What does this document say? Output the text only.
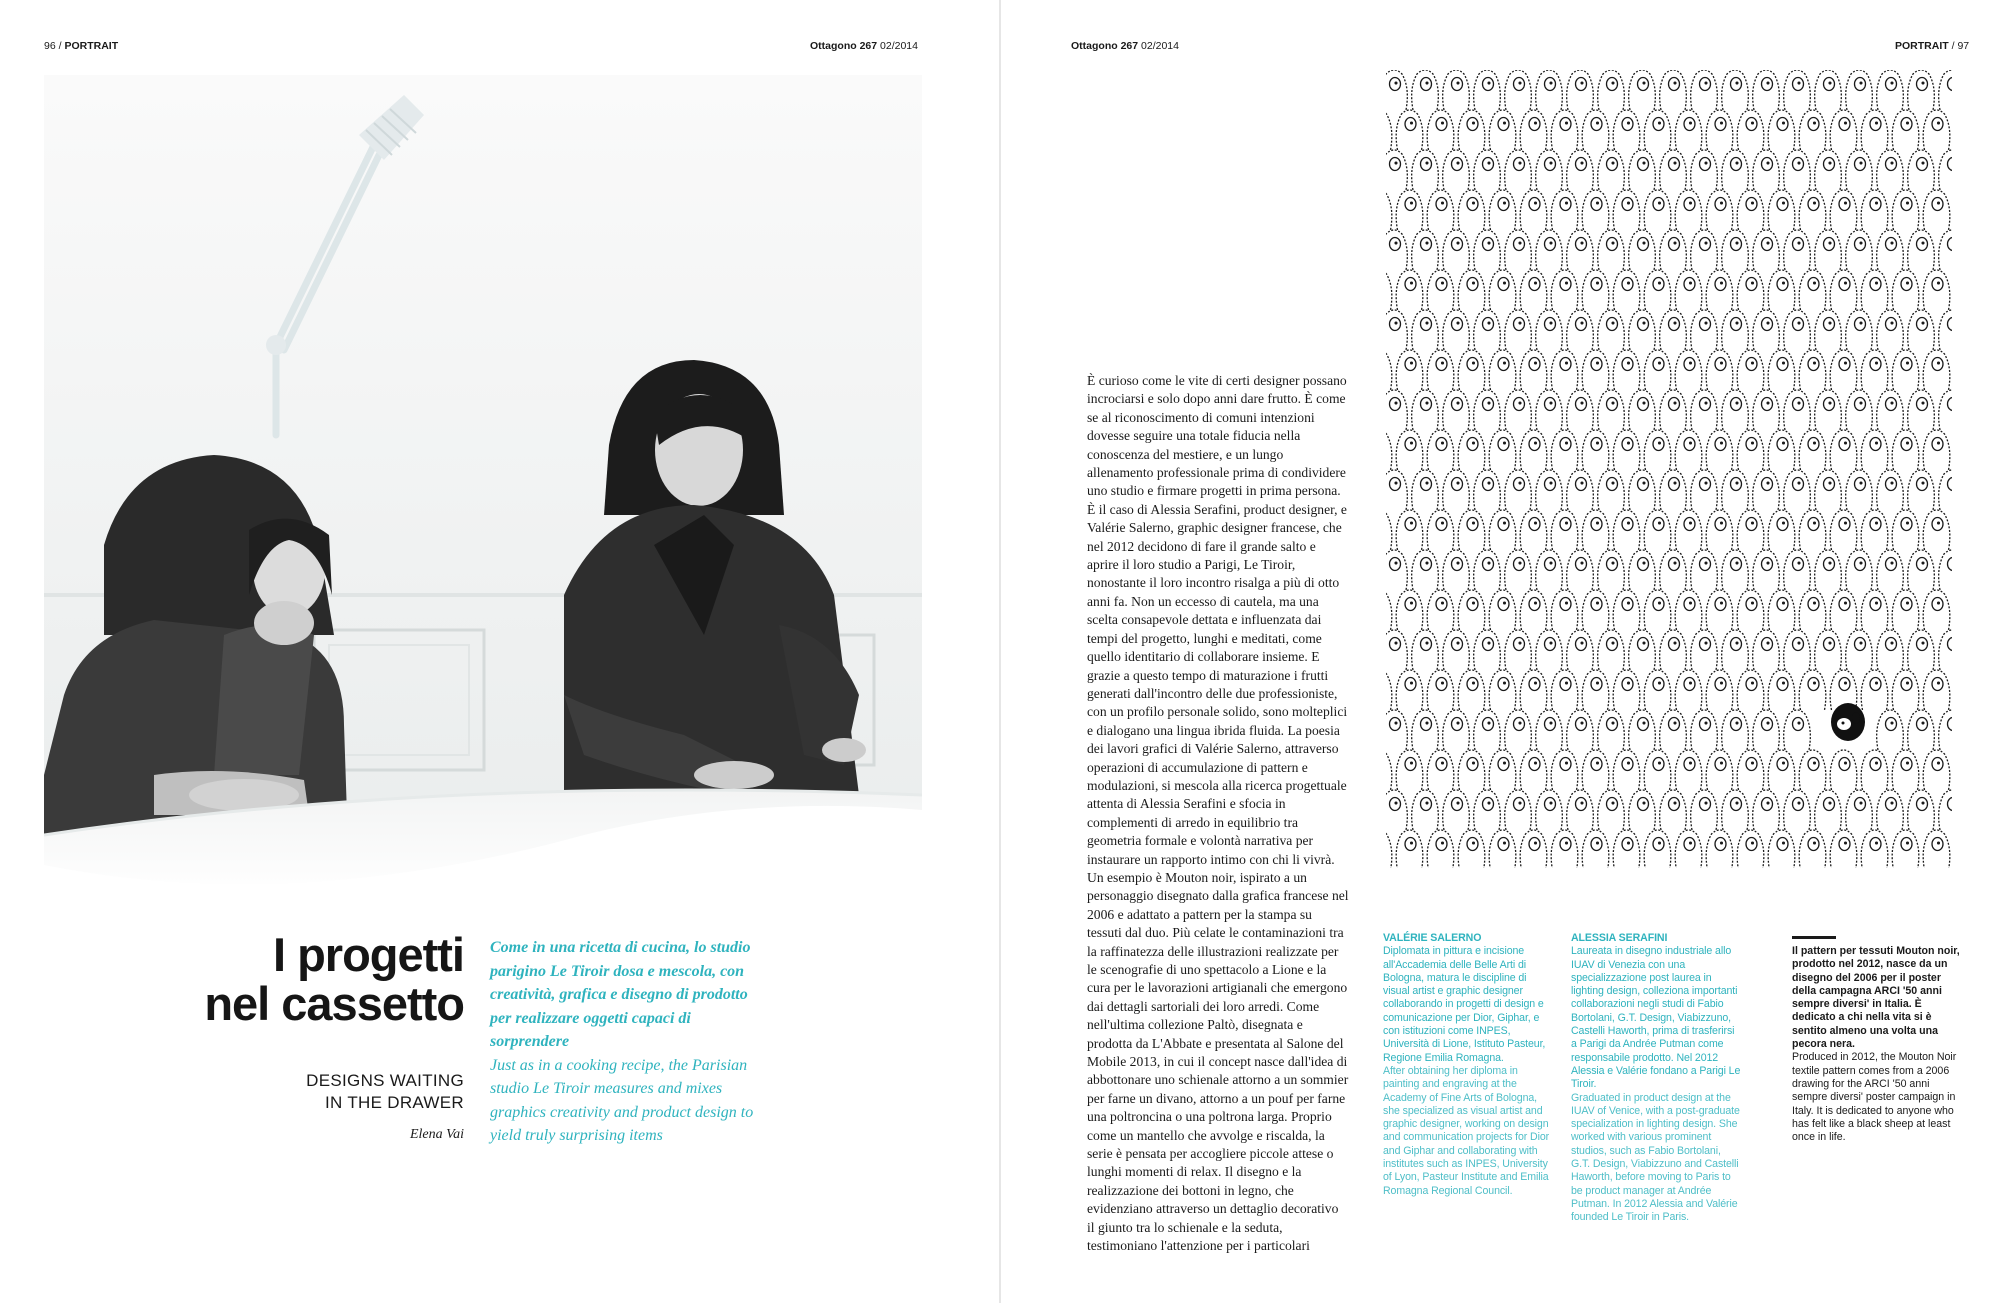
96 / PORTRAIT	Ottagono 267 02/2014
I progetti
nel cassetto
DESIGNS WAITING
IN THE DRAWER
Elena Vai
Come in una ricetta di cucina, lo studio parigino Le Tiroir dosa e mescola, con creatività, grafica e disegno di prodotto per realizzare oggetti capaci di sorprendere
Just as in a cooking recipe, the Parisian studio Le Tiroir measures and mixes graphics creativity and product design to yield truly surprising items
Ottagono 267 02/2014	PORTRAIT / 97

È curioso come le vite di certi designer possano incrociarsi e solo dopo anni dare frutto. È come se al riconoscimento di comuni intenzioni dovesse seguire una totale fiducia nella conoscenza del mestiere, e un lungo allenamento professionale prima di condividere uno studio e firmare progetti in prima persona. È il caso di Alessia Serafini, product designer, e Valérie Salerno, graphic designer francese, che nel 2012 decidono di fare il grande salto e aprire il loro studio a Parigi, Le Tiroir, nonostante il loro incontro risalga a più di otto anni fa. Non un eccesso di cautela, ma una scelta consapevole dettata e influenzata dai tempi del progetto, lunghi e meditati, come quello identitario di collaborare insieme. E grazie a questo tempo di maturazione i frutti generati dall'incontro delle due professioniste, con un profilo personale solido, sono molteplici e dialogano una lingua ibrida fluida. La poesia dei lavori grafici di Valérie Salerno, attraverso operazioni di accumulazione di pattern e modulazioni, si mescola alla ricerca progettuale attenta di Alessia Serafini e sfocia in complementi di arredo in equilibrio tra geometria formale e volontà narrativa per instaurare un rapporto intimo con chi li vivrà. Un esempio è Mouton noir, ispirato a un personaggio disegnato dalla grafica francese nel 2006 e adattato a pattern per la stampa su tessuti dal duo. Più celate le contaminazioni tra la raffinatezza delle illustrazioni realizzate per le scenografie di uno spettacolo a Lione e la cura per le lavorazioni artigianali che emergono dai dettagli sartoriali dei loro arredi. Come nell'ultima collezione Paltò, disegnata e prodotta da L'Abbate e presentata al Salone del Mobile 2013, in cui il concept nasce dall'idea di abbottonare uno schienale attorno a un sommier per farne un divano, attorno a un pouf per farne una poltroncina o una poltrona larga. Proprio come un mantello che avvolge e riscalda, la serie è pensata per accogliere piccole attese o lunghi momenti di relax. Il disegno e la realizzazione dei bottoni in legno, che evidenziano attraverso un dettaglio decorativo il giunto tra lo schienale e la seduta, testimoniano l'attenzione per i particolari

VALÉRIE SALERNO
Diplomata in pittura e incisione all'Accademia delle Belle Arti di Bologna, matura le discipline di visual artist e graphic designer collaborando in progetti di design e comunicazione per Dior, Giphar, e con istituzioni come INPES, Università di Lione, Istituto Pasteur, Regione Emilia Romagna.
After obtaining her diploma in painting and engraving at the Academy of Fine Arts of Bologna, she specialized as visual artist and graphic designer, working on design and communication projects for Dior and Giphar and collaborating with institutes such as INPES, University of Lyon, Pasteur Institute and Emilia Romagna Regional Council.
ALESSIA SERAFINI
Laureata in disegno industriale allo IUAV di Venezia con una specializzazione post laurea in lighting design, colleziona importanti collaborazioni negli studi di Fabio Bortolani, G.T. Design, Viabizzuno, Castelli Haworth, prima di trasferirsi a Parigi da Andrée Putman come responsabile prodotto. Nel 2012 Alessia e Valérie fondano a Parigi Le Tiroir.
Graduated in product design at the IUAV of Venice, with a post-graduate specialization in lighting design. She worked with various prominent studios, such as Fabio Bortolani, G.T. Design, Viabizzuno and Castelli Haworth, before moving to Paris to be product manager at Andrée Putman. In 2012 Alessia and Valérie founded Le Tiroir in Paris.
Il pattern per tessuti Mouton noir, prodotto nel 2012, nasce da un disegno del 2006 per il poster della campagna ARCI '50 anni sempre diversi' in Italia. È dedicato a chi nella vita si è sentito almeno una volta una pecora nera.
Produced in 2012, the Mouton Noir textile pattern comes from a 2006 drawing for the ARCI '50 anni sempre diversi' poster campaign in Italy. It is dedicated to anyone who has felt like a black sheep at least once in life.
